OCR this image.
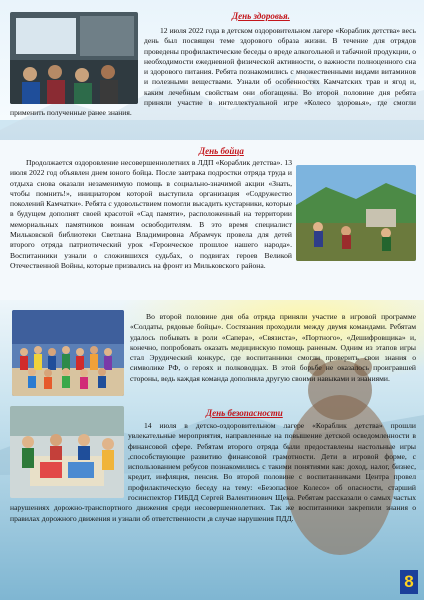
День здоровья.

12 июля 2022 года в детском оздоровительном лагере «Кораблик детства» весь день был посвящен теме здорового образа жизни. В течение для отрядов проведены профилактические беседы о вреде алкогольной и табачной продукции, о необходимости ежедневной физической активности, о важности полноценного сна и здорового питания. Ребята познакомились с множественными видами витаминов и полезными веществами. Узнали об особенностях Камчатских трав и ягод и, каким лечебным свойствам они обогащены. Во второй половине дня ребята приняли участие в интеллектуальной игре «Колесо здоровья», где смогли применить полученные ранее знания.

День бойца

Продолжается оздоровление несовершеннолетних в ЛДП «Кораблик детства». 13 июля 2022 год объявлен днем юного бойца. После завтрака подростки отряда труда и отдыха снова оказали незаменимую помощь в социально-значимой акции «Знать, чтобы помнить!», инициатором которой выступила организация «Содружество поколений Камчатки». Ребята с удовольствием помогли высадить кустарники, которые в будущем дополнят своей красотой «Сад памяти», расположенный на территории мемориальных памятников воинам освободителям. В это время специалист Мильковской библиотеки Светлана Владимировна Абрамчук провела для детей второго отряда патриотический урок «Героическое прошлое нашего народа». Воспитанники узнали о сложившихся судьбах, о подвигах героев Великой Отечественной Войны, которые призвались на фронт из Мильковского района.

Во второй половине дня оба отряда приняли участие в игровой программе «Солдаты, рядовые бойцы». Состязания проходили между двумя командами. Ребятам удалось побывать в роли «Сапера», «Связиста», «Портного», «Дешифровщика» и, конечно, попробовать оказать медицинскую помощь раненым. Одним из этапов игры стал Эрудический конкурс, где воспитанники смогли проверить свои знания о символике РФ, о героях и полководцах. В этой борьбе не оказалось проигравшей стороны, ведь каждая команда дополняла другую своими навыками и знаниями.

День безопасности

14 июля в детско-оздоровительном лагере «Кораблик детства» прошли увлекательные мероприятия, направленные на повышение детской осведомленности в финансовой сфере. Ребятам второго отряда были предоставлены настольные игры ,способствующие развитию финансовой грамотности. Дети в игровой форме, с использованием ребусов познакомились с такими понятиями как: доход, налог, бизнес, кредит, инфляция, пенсия. Во второй половине с воспитанниками Центра провел профилактическую беседу на тему: «Безопасное Колесо» об опасности, старший госинспектор ГИБДД Сергей Валентинович Щека. Ребятам рассказали о самых частых нарушениях дорожно-транспортного движения среди несовершеннолетних. Так же воспитанники закрепили знания о правилах дорожного движения и узнали об ответственности ,в случае нарушения ПДД.

8
